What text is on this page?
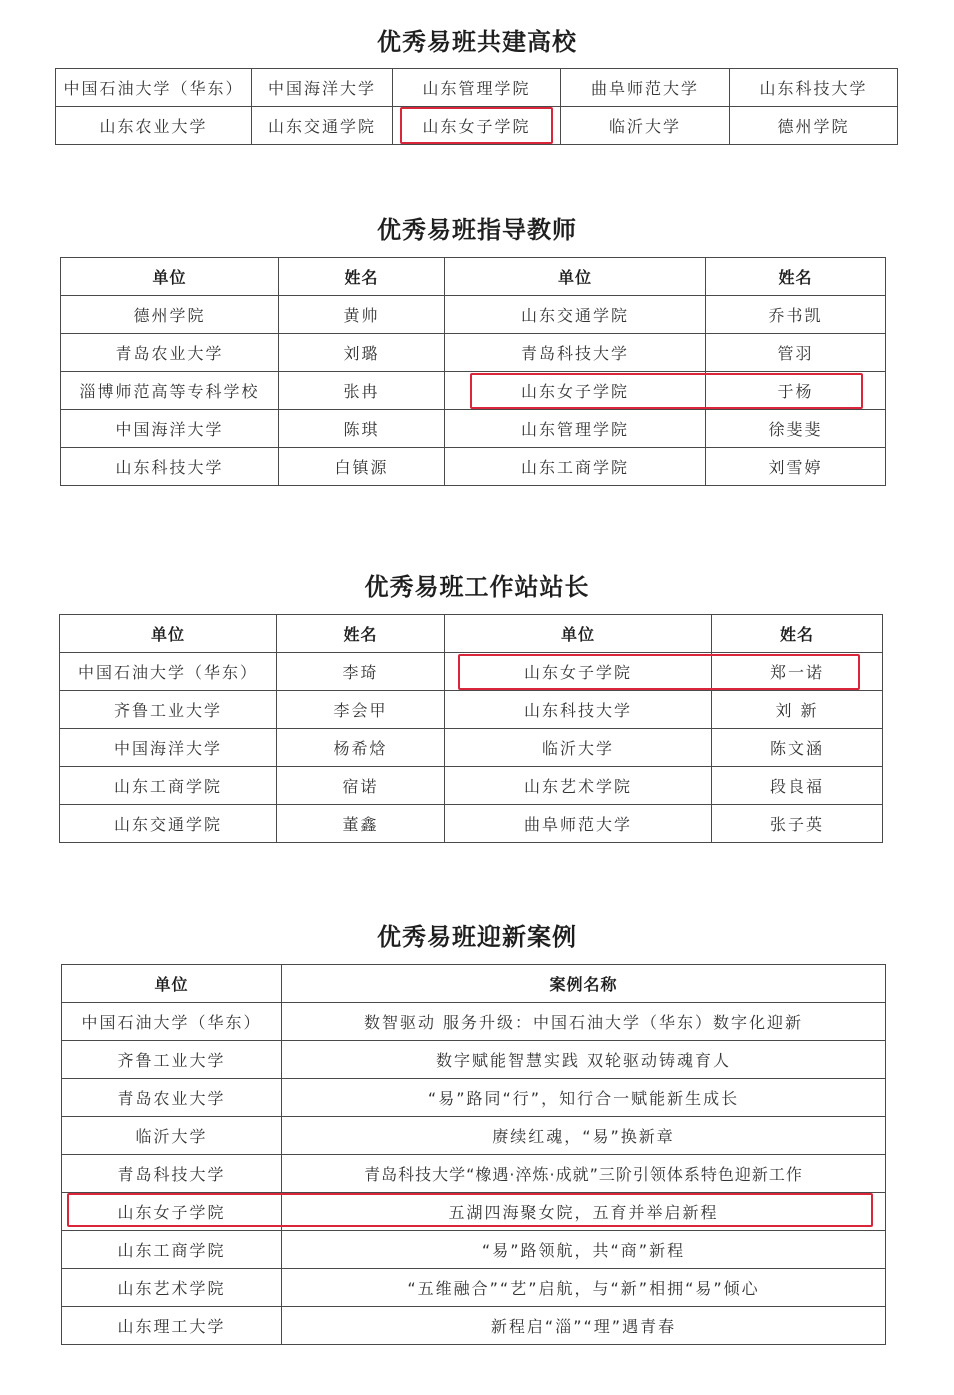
优秀易班共建高校
中国石油大学（华东）	中国海洋大学	山东管理学院	曲阜师范大学	山东科技大学
山东农业大学	山东交通学院	山东女子学院	临沂大学	德州学院
优秀易班指导教师
单位	姓名	单位	姓名
德州学院	黄帅	山东交通学院	乔书凯
青岛农业大学	刘璐	青岛科技大学	管羽
淄博师范高等专科学校	张冉	山东女子学院	于杨
中国海洋大学	陈琪	山东管理学院	徐斐斐
山东科技大学	白镇源	山东工商学院	刘雪婷
优秀易班工作站站长
单位	姓名	单位	姓名
中国石油大学（华东）	李琦	山东女子学院	郑一诺
齐鲁工业大学	李会甲	山东科技大学	刘 新
中国海洋大学	杨希焓	临沂大学	陈文涵
山东工商学院	宿诺	山东艺术学院	段良福
山东交通学院	董鑫	曲阜师范大学	张子英
优秀易班迎新案例
单位	案例名称
中国石油大学（华东）	数智驱动 服务升级：中国石油大学（华东）数字化迎新
齐鲁工业大学	数字赋能智慧实践 双轮驱动铸魂育人
青岛农业大学	“易”路同“行”，知行合一赋能新生成长
临沂大学	赓续红魂，“易”换新章
青岛科技大学	青岛科技大学“橡遇·淬炼·成就”三阶引领体系特色迎新工作
山东女子学院	五湖四海聚女院，五育并举启新程
山东工商学院	“易”路领航，共“商”新程
山东艺术学院	“五维融合”“艺”启航，与“新”相拥“易”倾心
山东理工大学	新程启“淄”“理”遇青春
